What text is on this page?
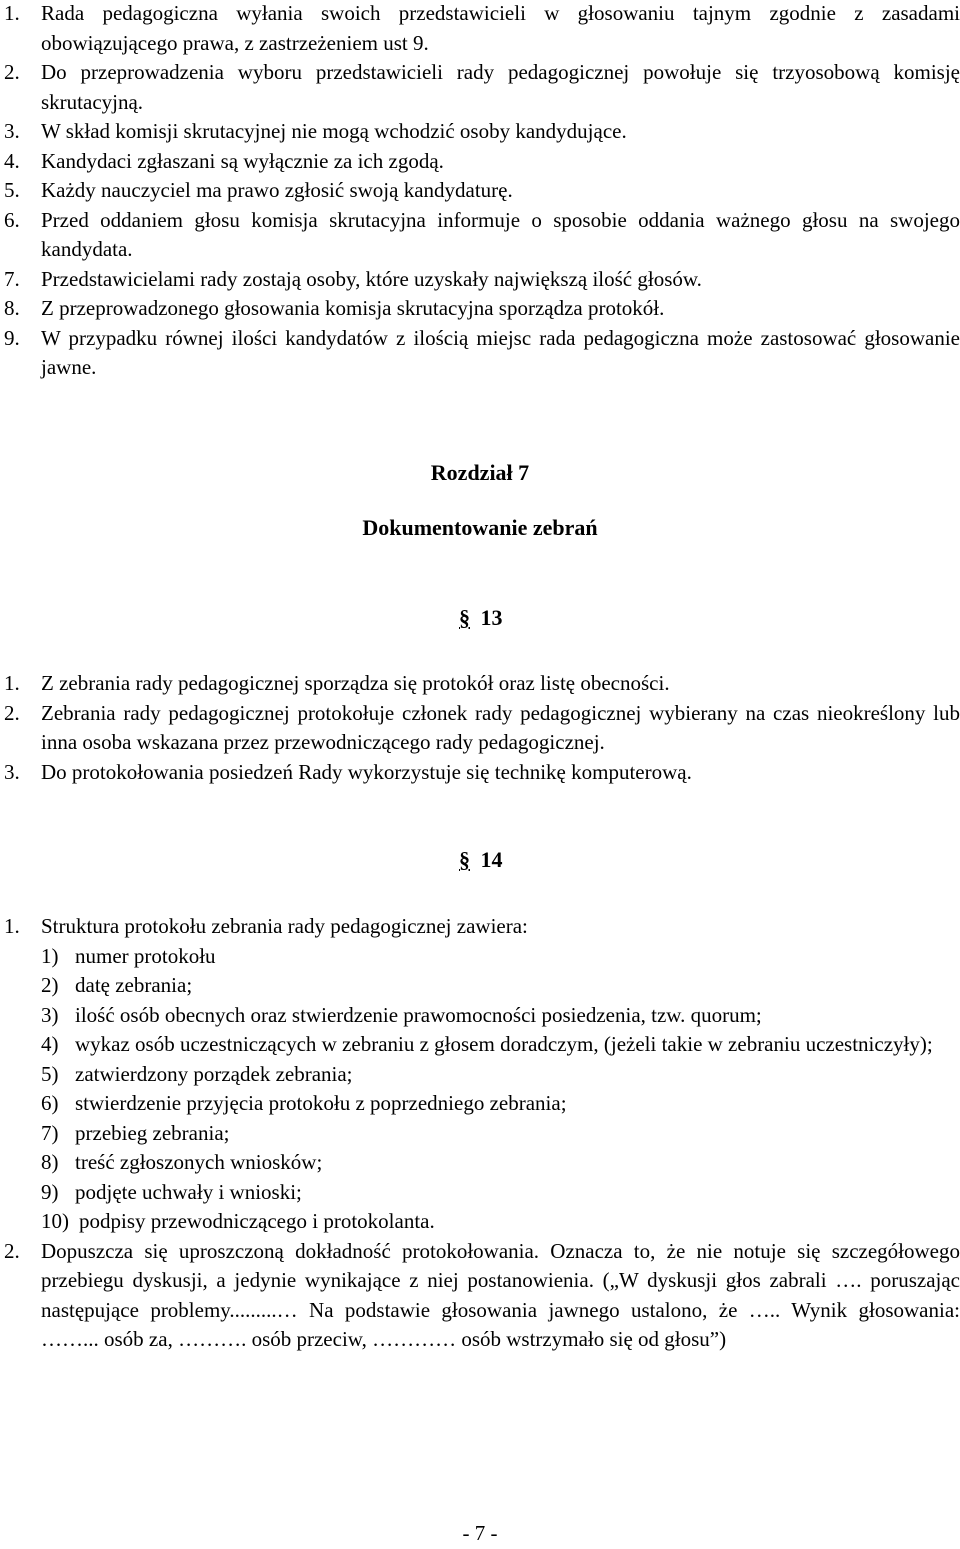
1.	Rada pedagogiczna wyłania swoich przedstawicieli w głosowaniu tajnym zgodnie z zasadami obowiązującego prawa, z zastrzeżeniem ust 9.
2.	Do przeprowadzenia wyboru przedstawicieli rady pedagogicznej powołuje się trzyosobową komisję skrutacyjną.
3.	W skład komisji skrutacyjnej nie mogą wchodzić osoby kandydujące.
4.	Kandydaci zgłaszani są wyłącznie za ich zgodą.
5.	Każdy nauczyciel ma prawo zgłosić swoją kandydaturę.
6.	Przed oddaniem głosu komisja skrutacyjna informuje o sposobie oddania ważnego głosu na swojego kandydata.
7.	Przedstawicielami rady zostają osoby, które uzyskały największą ilość głosów.
8.	Z przeprowadzonego głosowania komisja skrutacyjna sporządza protokół.
9.	W przypadku równej ilości kandydatów z ilością miejsc rada pedagogiczna może zastosować głosowanie jawne.
Rozdział 7
Dokumentowanie zebrań
§ 13
1.	Z zebrania rady pedagogicznej sporządza się protokół oraz listę obecności.
2.	Zebrania rady pedagogicznej protokołuje członek rady pedagogicznej wybierany na czas nieokreślony lub inna osoba wskazana przez przewodniczącego rady pedagogicznej.
3.	Do protokołowania posiedzeń Rady wykorzystuje się technikę komputerową.
§ 14
1.	Struktura protokołu zebrania rady pedagogicznej zawiera:
1) numer protokołu
2) datę zebrania;
3) ilość osób obecnych oraz stwierdzenie prawomocności posiedzenia, tzw. quorum;
4) wykaz osób uczestniczących w zebraniu z głosem doradczym, (jeżeli takie w zebraniu uczestniczyły);
5) zatwierdzony porządek zebrania;
6) stwierdzenie przyjęcia protokołu z poprzedniego zebrania;
7) przebieg zebrania;
8) treść zgłoszonych wniosków;
9) podjęte uchwały i wnioski;
10) podpisy przewodniczącego i protokolanta.
2.	Dopuszcza się uproszczoną dokładność protokołowania. Oznacza to, że nie notuje się szczegółowego przebiegu dyskusji, a jedynie wynikające z niej postanowienia. („W dyskusji głos zabrali …. poruszając następujące problemy.........… Na podstawie głosowania jawnego ustalono, że ….. Wynik głosowania: ……... osób za, ………. osób przeciw, ………… osób wstrzymało się od głosu”)
- 7 -
